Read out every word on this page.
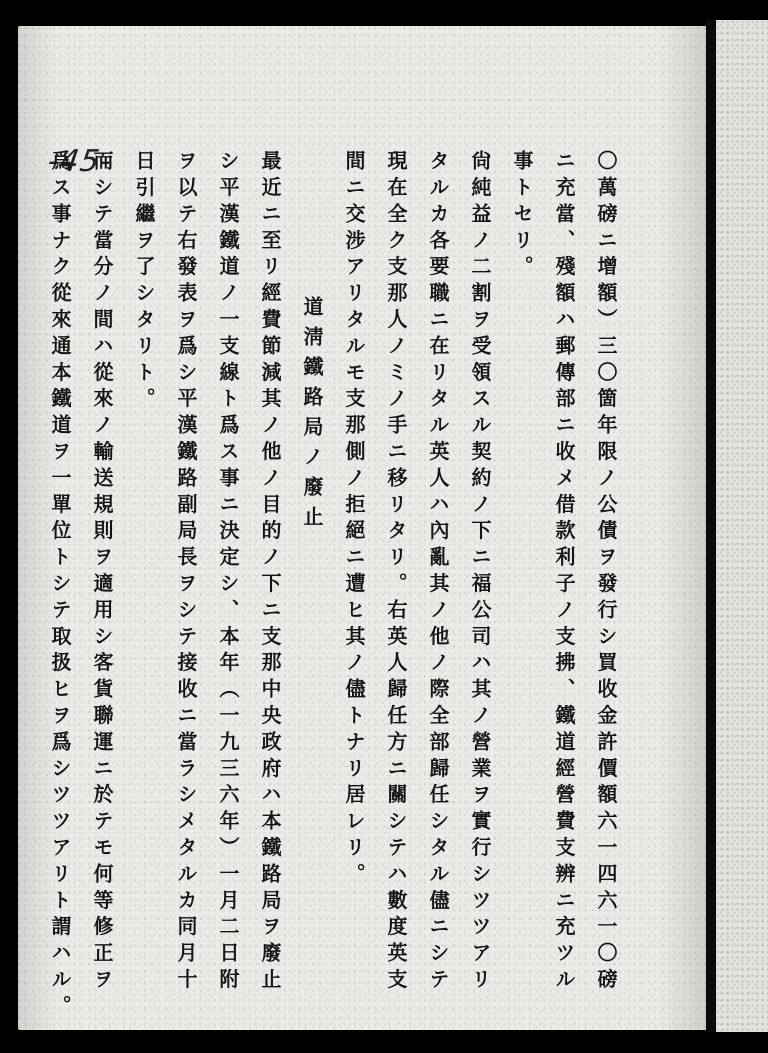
-45-	〇萬磅ニ增額）三〇箇年限ノ公債ヲ發行シ買收金許價額六一四六一〇磅
ニ充當、殘額ハ郵傳部ニ收メ借款利子ノ支拂、鐵道經營費支辨ニ充ツル
事トセリ。
尙純益ノ二割ヲ受領スル契約ノ下ニ福公司ハ其ノ營業ヲ實行シツツアリ
タルカ各要職ニ在リタル英人ハ內亂其ノ他ノ際全部歸任シタル儘ニシテ
現在全ク支那人ノミノ手ニ移リタリ。右英人歸任方ニ關シテハ數度英支
間ニ交涉アリタルモ支那側ノ拒絕ニ遭ヒ其ノ儘トナリ居レリ。
道淸鐵路局ノ廢止
最近ニ至リ經費節減其ノ他ノ目的ノ下ニ支那中央政府ハ本鐵路局ヲ廢止
シ平漢鐵道ノ一支線ト爲ス事ニ決定シ、本年（一九三六年）一月二日附
ヲ以テ右發表ヲ爲シ平漢鐵路副局長ヲシテ接收ニ當ラシメタルカ同月十
日引繼ヲ了シタリト。
而シテ當分ノ間ハ從來ノ輸送規則ヲ適用シ客貨聯運ニ於テモ何等修正ヲ
爲ス事ナク從來通本鐵道ヲ一單位トシテ取扱ヒヲ爲シツツアリト謂ハル。
